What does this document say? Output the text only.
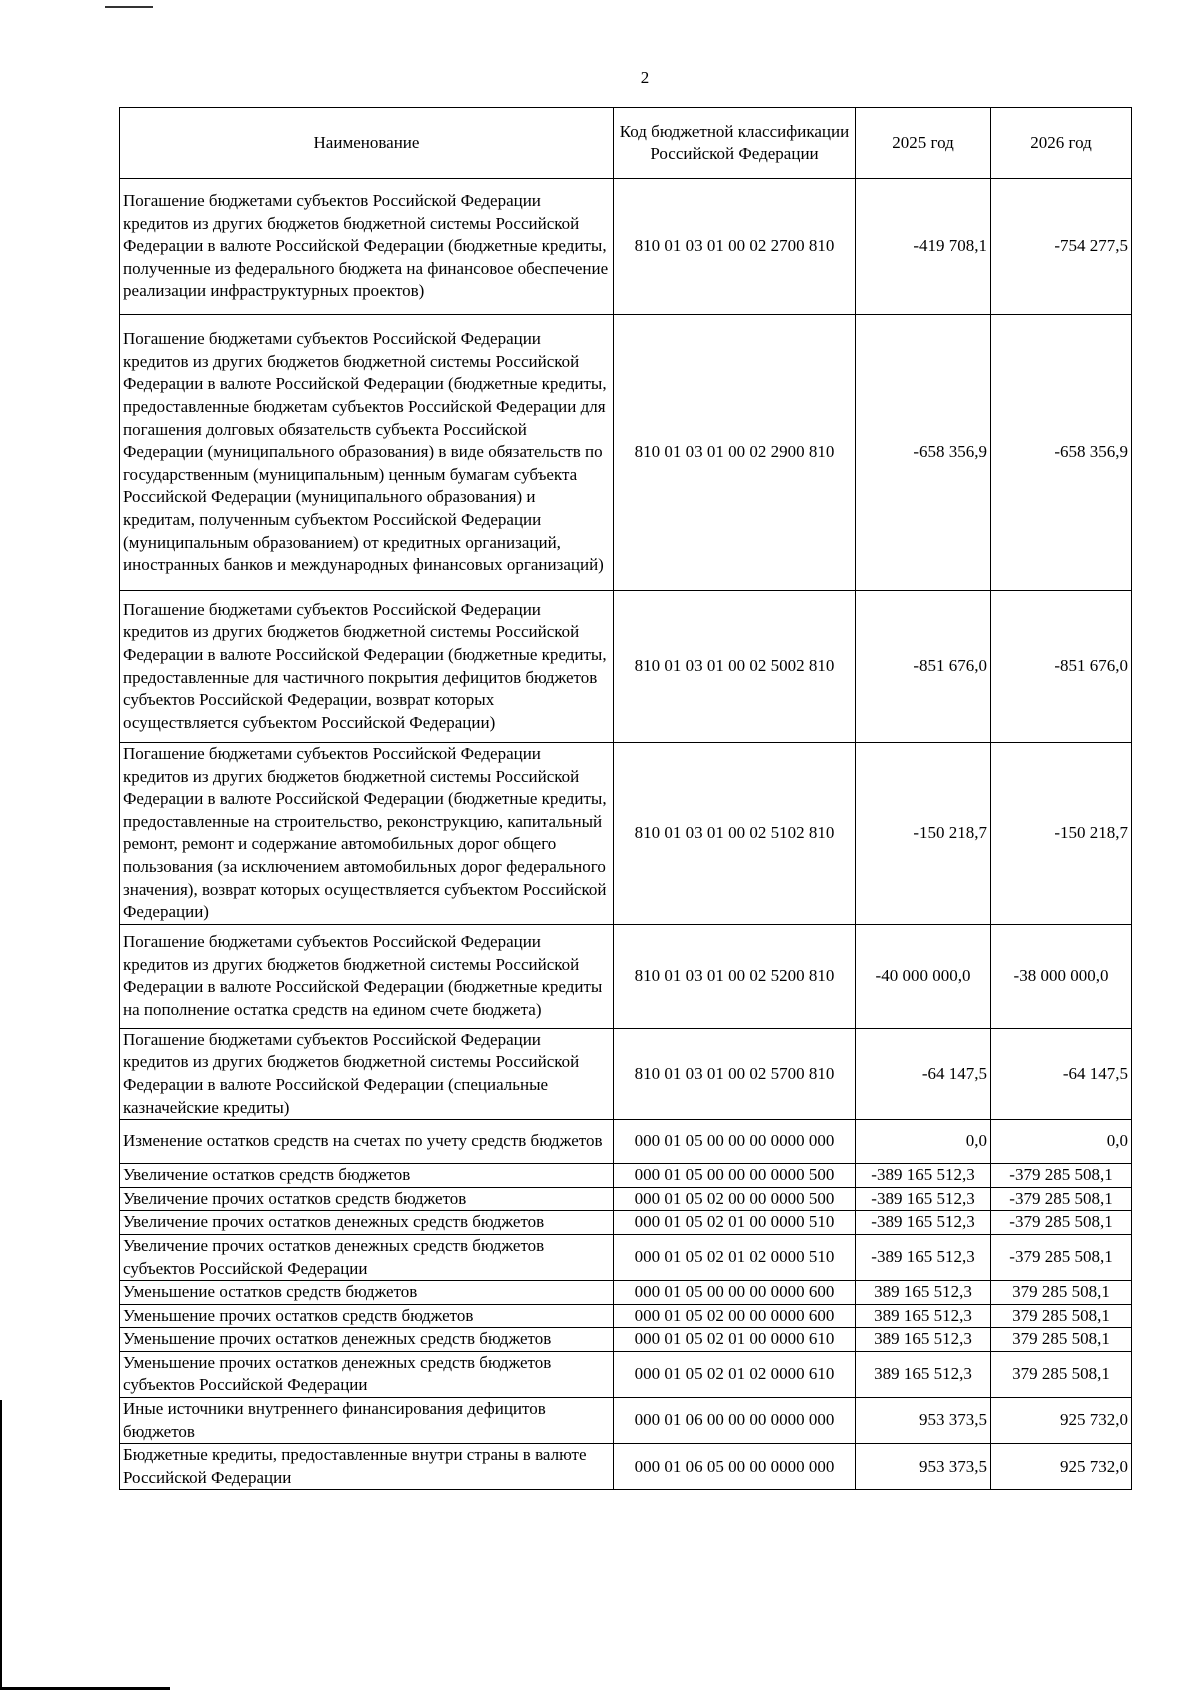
2
Наименование	Код бюджетной классификации Российской Федерации	2025 год	2026 год
Погашение бюджетами субъектов Российской Федерации кредитов из других бюджетов бюджетной системы Российской Федерации в валюте Российской Федерации (бюджетные кредиты, полученные из федерального бюджета на финансовое обеспечение реализации инфраструктурных проектов)	810 01 03 01 00 02 2700 810	-419 708,1	-754 277,5
Погашение бюджетами субъектов Российской Федерации кредитов из других бюджетов бюджетной системы Российской Федерации в валюте Российской Федерации (бюджетные кредиты, предоставленные бюджетам субъектов Российской Федерации для погашения долговых обязательств субъекта Российской Федерации (муниципального образования) в виде обязательств по государственным (муниципальным) ценным бумагам субъекта Российской Федерации (муниципального образования) и кредитам, полученным субъектом Российской Федерации (муниципальным образованием) от кредитных организаций, иностранных банков и международных финансовых организаций)	810 01 03 01 00 02 2900 810	-658 356,9	-658 356,9
Погашение бюджетами субъектов Российской Федерации кредитов из других бюджетов бюджетной системы Российской Федерации в валюте Российской Федерации (бюджетные кредиты, предоставленные для частичного покрытия дефицитов бюджетов субъектов Российской Федерации, возврат которых осуществляется субъектом Российской Федерации)	810 01 03 01 00 02 5002 810	-851 676,0	-851 676,0
Погашение бюджетами субъектов Российской Федерации кредитов из других бюджетов бюджетной системы Российской Федерации в валюте Российской Федерации (бюджетные кредиты, предоставленные на строительство, реконструкцию, капитальный ремонт, ремонт и содержание автомобильных дорог общего пользования (за исключением автомобильных дорог федерального значения), возврат которых осуществляется субъектом Российской Федерации)	810 01 03 01 00 02 5102 810	-150 218,7	-150 218,7
Погашение бюджетами субъектов Российской Федерации кредитов из других бюджетов бюджетной системы Российской Федерации в валюте Российской Федерации (бюджетные кредиты на пополнение остатка средств на едином счете бюджета)	810 01 03 01 00 02 5200 810	-40 000 000,0	-38 000 000,0
Погашение бюджетами субъектов Российской Федерации кредитов из других бюджетов бюджетной системы Российской Федерации в валюте Российской Федерации (специальные казначейские кредиты)	810 01 03 01 00 02 5700 810	-64 147,5	-64 147,5
Изменение остатков средств на счетах по учету средств бюджетов	000 01 05 00 00 00 0000 000	0,0	0,0
Увеличение остатков средств бюджетов	000 01 05 00 00 00 0000 500	-389 165 512,3	-379 285 508,1
Увеличение прочих остатков средств бюджетов	000 01 05 02 00 00 0000 500	-389 165 512,3	-379 285 508,1
Увеличение прочих остатков денежных средств бюджетов	000 01 05 02 01 00 0000 510	-389 165 512,3	-379 285 508,1
Увеличение прочих остатков денежных средств бюджетов субъектов Российской Федерации	000 01 05 02 01 02 0000 510	-389 165 512,3	-379 285 508,1
Уменьшение остатков средств бюджетов	000 01 05 00 00 00 0000 600	389 165 512,3	379 285 508,1
Уменьшение прочих остатков средств бюджетов	000 01 05 02 00 00 0000 600	389 165 512,3	379 285 508,1
Уменьшение прочих остатков денежных средств бюджетов	000 01 05 02 01 00 0000 610	389 165 512,3	379 285 508,1
Уменьшение прочих остатков денежных средств бюджетов субъектов Российской Федерации	000 01 05 02 01 02 0000 610	389 165 512,3	379 285 508,1
Иные источники внутреннего финансирования дефицитов бюджетов	000 01 06 00 00 00 0000 000	953 373,5	925 732,0
Бюджетные кредиты, предоставленные внутри страны в валюте Российской Федерации	000 01 06 05 00 00 0000 000	953 373,5	925 732,0
